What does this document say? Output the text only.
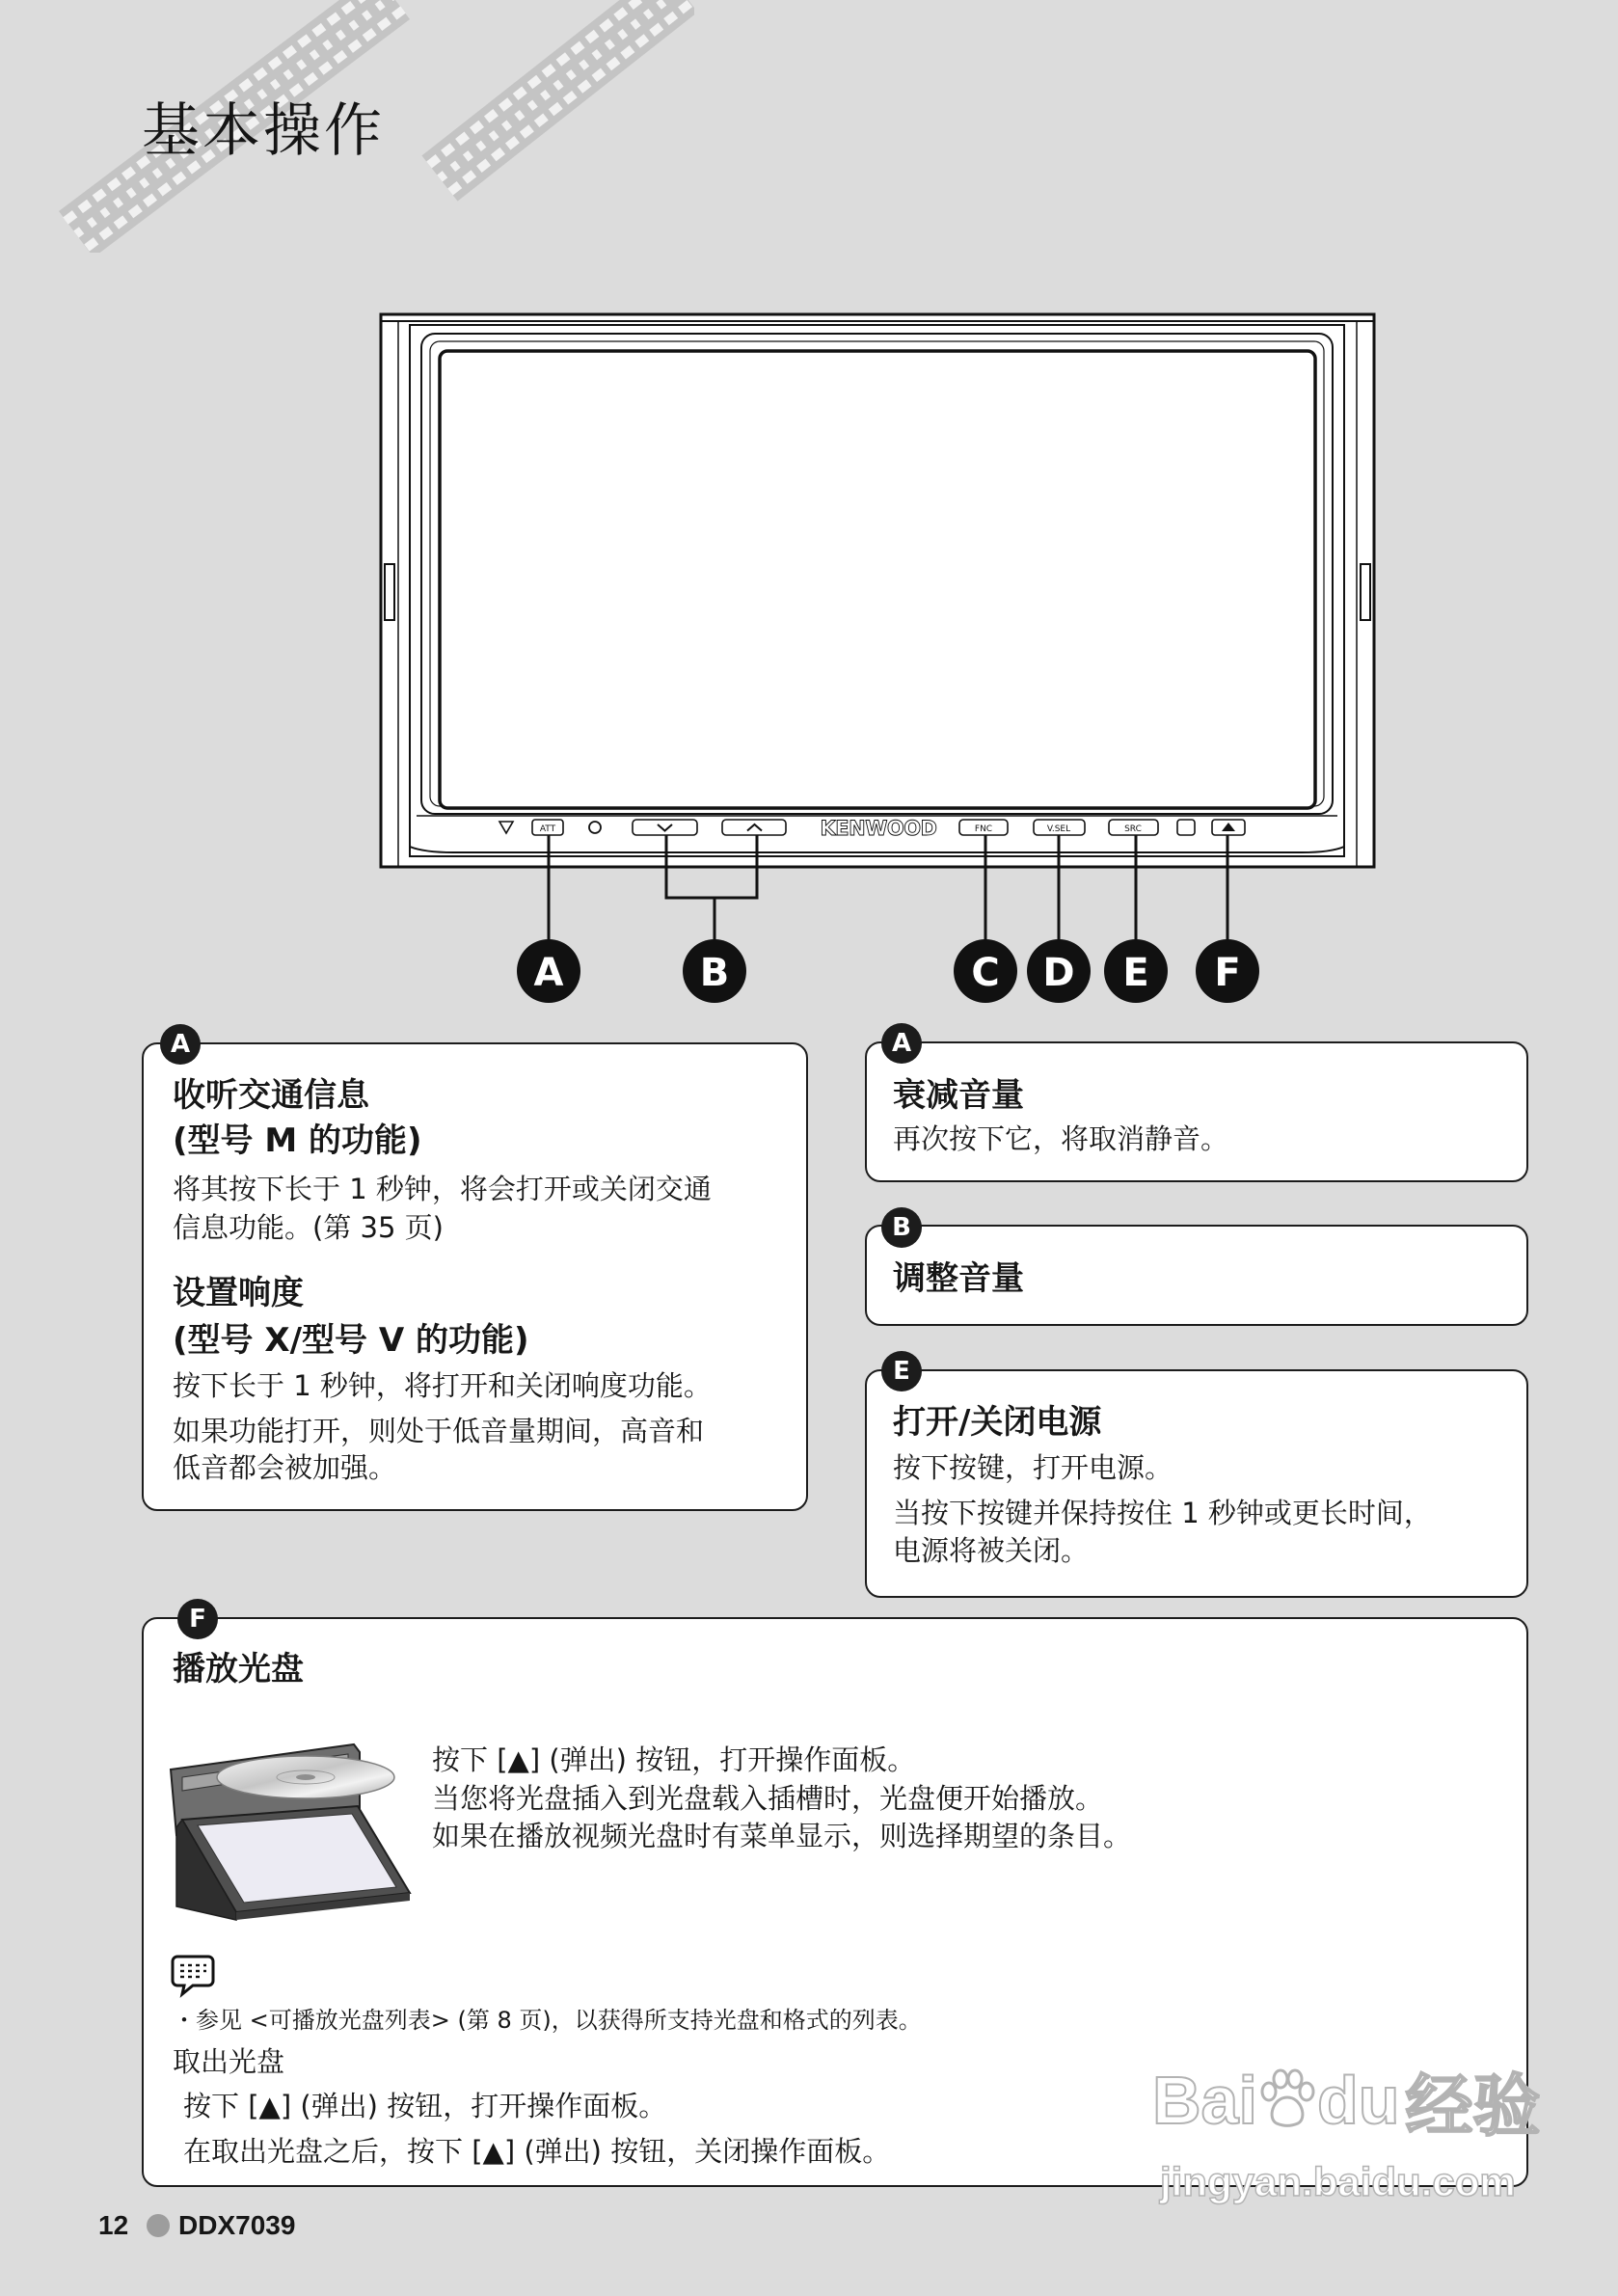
基本操作
ATT	KENWOOD	FNC	V.SEL	SRC
A	B	C D E F
A
收听交通信息
(型号 M 的功能)
将其按下长于 1 秒钟，将会打开或关闭交通
信息功能。(第 35 页)
设置响度
(型号 X/型号 V 的功能)
按下长于 1 秒钟，将打开和关闭响度功能。
如果功能打开，则处于低音量期间，高音和
低音都会被加强。
A
衰减音量
再次按下它，将取消静音。
B
调整音量
E
打开/关闭电源
按下按键，打开电源。
当按下按键并保持按住 1 秒钟或更长时间，
电源将被关闭。
F
播放光盘
按下 [▲] (弹出) 按钮，打开操作面板。
当您将光盘插入到光盘载入插槽时，光盘便开始播放。
如果在播放视频光盘时有菜单显示，则选择期望的条目。
・参见 <可播放光盘列表> (第 8 页)，以获得所支持光盘和格式的列表。
取出光盘
按下 [▲] (弹出) 按钮，打开操作面板。
在取出光盘之后，按下 [▲] (弹出) 按钮，关闭操作面板。
12 DDX7039
Bai du 经验
jingyan.baidu.com
